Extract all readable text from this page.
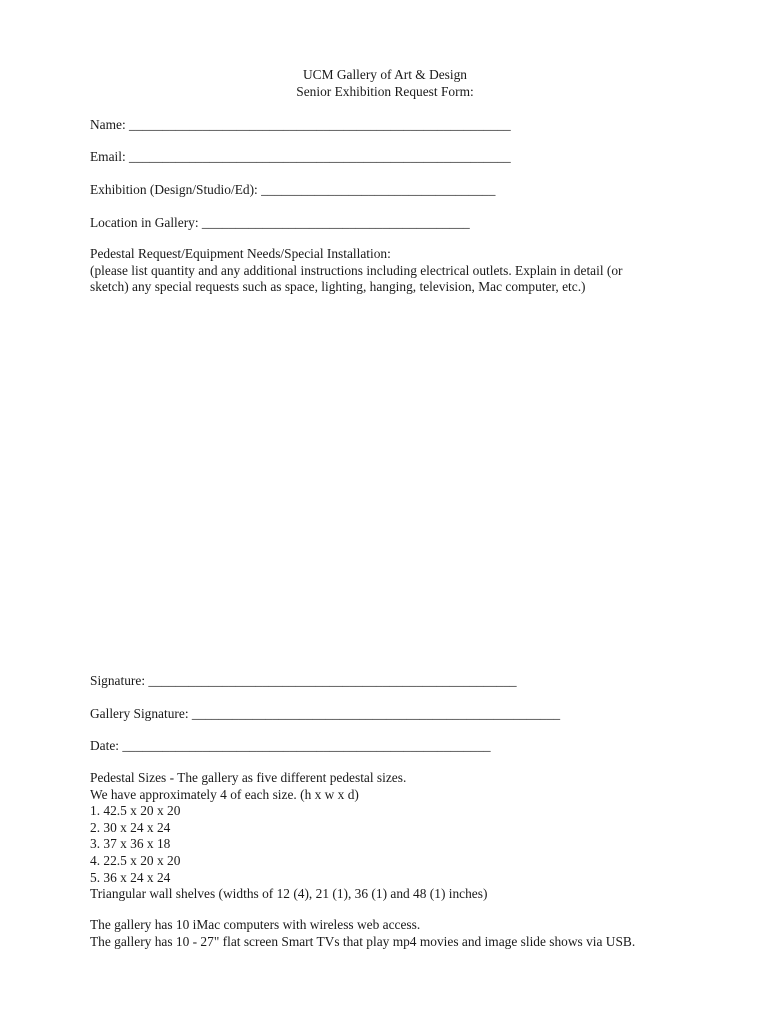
UCM Gallery of Art & Design
Senior Exhibition Request Form:
Name: _________________________________________________________
Email: _________________________________________________________
Exhibition (Design/Studio/Ed): ___________________________________
Location in Gallery: ________________________________________
Pedestal Request/Equipment Needs/Special Installation:
(please list quantity and any additional instructions including electrical outlets. Explain in detail (or
sketch) any special requests such as space, lighting, hanging, television, Mac computer, etc.)
Signature: _______________________________________________________
Gallery Signature: _______________________________________________________
Date: _______________________________________________________
Pedestal Sizes - The gallery as five different pedestal sizes.
We have approximately 4 of each size. (h x w x d)
1. 42.5 x 20 x 20
2. 30 x 24 x 24
3. 37 x 36 x 18
4. 22.5 x 20 x 20
5. 36 x 24 x 24
Triangular wall shelves (widths of 12 (4), 21 (1), 36 (1) and 48 (1) inches)
The gallery has 10 iMac computers with wireless web access.
The gallery has 10 - 27" flat screen Smart TVs that play mp4 movies and image slide shows via USB.
